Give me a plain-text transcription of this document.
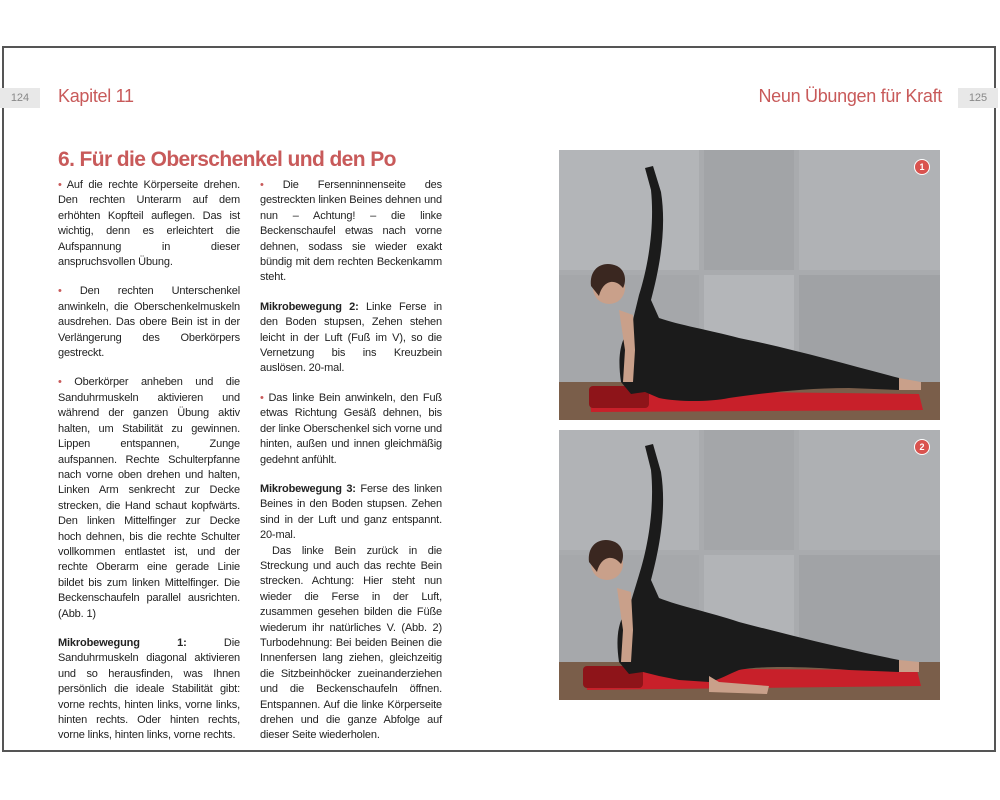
124	Kapitel 11	Neun Übungen für Kraft	125
6. Für die Oberschenkel und den Po

• Auf die rechte Körperseite drehen. Den rechten Unterarm auf dem erhöhten Kopfteil auflegen. Das ist wichtig, denn es erleichtert die Aufspannung in dieser anspruchsvollen Übung.

• Den rechten Unterschenkel anwinkeln, die Oberschenkelmuskeln ausdrehen. Das obere Bein ist in der Verlängerung des Oberkörpers gestreckt.

• Oberkörper anheben und die Sanduhrmuskeln aktivieren und während der ganzen Übung aktiv halten, um Stabilität zu gewinnen. Lippen entspannen, Zunge aufspannen. Rechte Schulterpfanne nach vorne oben drehen und halten, Linken Arm senkrecht zur Decke strecken, die Hand schaut kopfwärts. Den linken Mittelfinger zur Decke hoch dehnen, bis die rechte Schulter vollkommen entlastet ist, und der rechte Oberarm eine gerade Linie bildet bis zum linken Mittelfinger. Die Beckenschaufeln parallel ausrichten. (Abb. 1)

Mikrobewegung 1: Die Sanduhrmuskeln diagonal aktivieren und so herausfinden, was Ihnen persönlich die ideale Stabilität gibt: vorne rechts, hinten links, vorne links, hinten rechts. Oder hinten rechts, vorne links, hinten links, vorne rechts.

• Die Fersenninnenseite des gestreckten linken Beines dehnen und nun – Achtung! – die linke Beckenschaufel etwas nach vorne dehnen, sodass sie wieder exakt bündig mit dem rechten Beckenkamm steht.

Mikrobewegung 2: Linke Ferse in den Boden stupsen, Zehen stehen leicht in der Luft (Fuß im V), so die Vernetzung bis ins Kreuzbein auslösen. 20-mal.

• Das linke Bein anwinkeln, den Fuß etwas Richtung Gesäß dehnen, bis der linke Oberschenkel sich vorne und hinten, außen und innen gleichmäßig gedehnt anfühlt.

Mikrobewegung 3: Ferse des linken Beines in den Boden stupsen. Zehen sind in der Luft und ganz entspannt. 20-mal.

Das linke Bein zurück in die Streckung und auch das rechte Bein strecken. Achtung: Hier steht nun wieder die Ferse in der Luft, zusammen gesehen bilden die Füße wiederum ihr natürliches V. (Abb. 2) Turbodehnung: Bei beiden Beinen die Innenfersen lang ziehen, gleichzeitig die Sitzbeinhöcker zueinanderziehen und die Beckenschaufeln öffnen. Entspannen. Auf die linke Körperseite drehen und die ganze Abfolge auf dieser Seite wiederholen.

1
2
